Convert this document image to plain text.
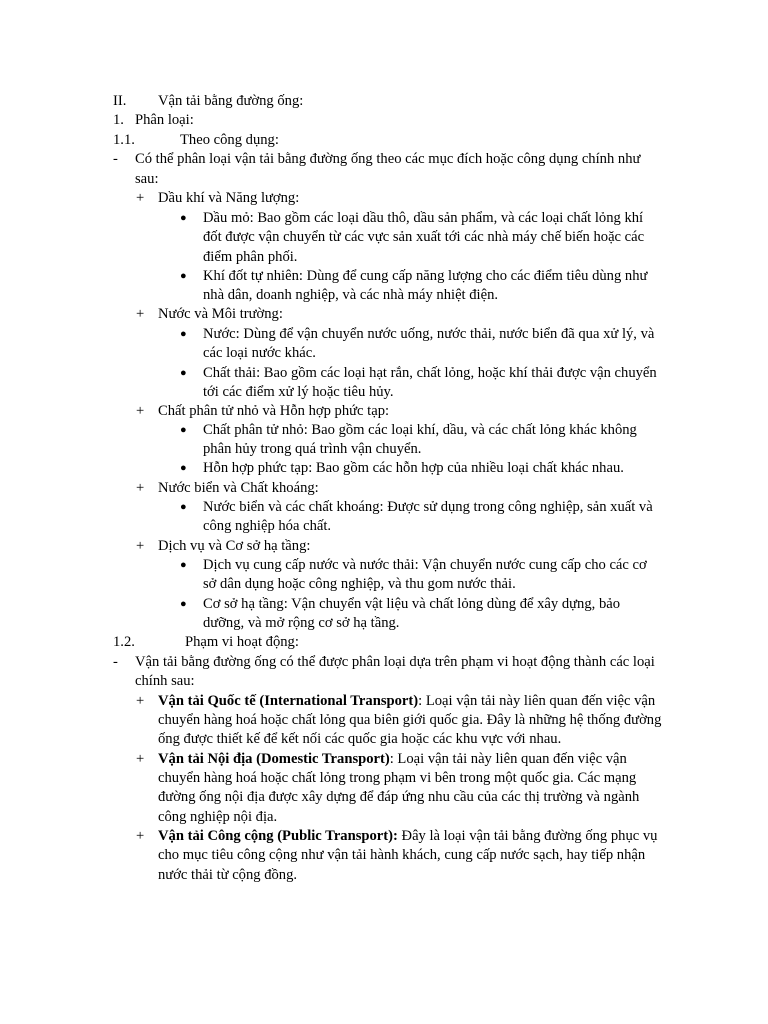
II. Vận tải bằng đường ống:
1. Phân loại:
1.1.	Theo công dụng:
- Có thể phân loại vận tải bằng đường ống theo các mục đích hoặc công dụng chính như
sau:
+ Dầu khí và Năng lượng:
● Dầu mỏ: Bao gồm các loại dầu thô, dầu sản phẩm, và các loại chất lỏng khí
đốt được vận chuyển từ các vực sản xuất tới các nhà máy chế biến hoặc các
điểm phân phối.
● Khí đốt tự nhiên: Dùng để cung cấp năng lượng cho các điểm tiêu dùng như
nhà dân, doanh nghiệp, và các nhà máy nhiệt điện.
+ Nước và Môi trường:
● Nước: Dùng để vận chuyển nước uống, nước thải, nước biển đã qua xử lý, và
các loại nước khác.
● Chất thải: Bao gồm các loại hạt rắn, chất lỏng, hoặc khí thải được vận chuyển
tới các điểm xử lý hoặc tiêu hủy.
+ Chất phân tử nhỏ và Hỗn hợp phức tạp:
● Chất phân tử nhỏ: Bao gồm các loại khí, dầu, và các chất lỏng khác không
phân hủy trong quá trình vận chuyển.
● Hỗn hợp phức tạp: Bao gồm các hỗn hợp của nhiều loại chất khác nhau.
+ Nước biển và Chất khoáng:
● Nước biển và các chất khoáng: Được sử dụng trong công nghiệp, sản xuất và
công nghiệp hóa chất.
+ Dịch vụ và Cơ sở hạ tầng:
● Dịch vụ cung cấp nước và nước thải: Vận chuyển nước cung cấp cho các cơ
sở dân dụng hoặc công nghiệp, và thu gom nước thải.
● Cơ sở hạ tầng: Vận chuyển vật liệu và chất lỏng dùng để xây dựng, bảo
dưỡng, và mở rộng cơ sở hạ tầng.
1.2.	Phạm vi hoạt động:
- Vận tải bằng đường ống có thể được phân loại dựa trên phạm vi hoạt động thành các loại
chính sau:
+ Vận tải Quốc tế (International Transport): Loại vận tải này liên quan đến việc vận
chuyển hàng hoá hoặc chất lỏng qua biên giới quốc gia. Đây là những hệ thống đường
ống được thiết kế để kết nối các quốc gia hoặc các khu vực với nhau.
+ Vận tải Nội địa (Domestic Transport): Loại vận tải này liên quan đến việc vận
chuyển hàng hoá hoặc chất lỏng trong phạm vi bên trong một quốc gia. Các mạng
đường ống nội địa được xây dựng để đáp ứng nhu cầu của các thị trường và ngành
công nghiệp nội địa.
+ Vận tải Công cộng (Public Transport): Đây là loại vận tải bằng đường ống phục vụ
cho mục tiêu công cộng như vận tải hành khách, cung cấp nước sạch, hay tiếp nhận
nước thải từ cộng đồng.
